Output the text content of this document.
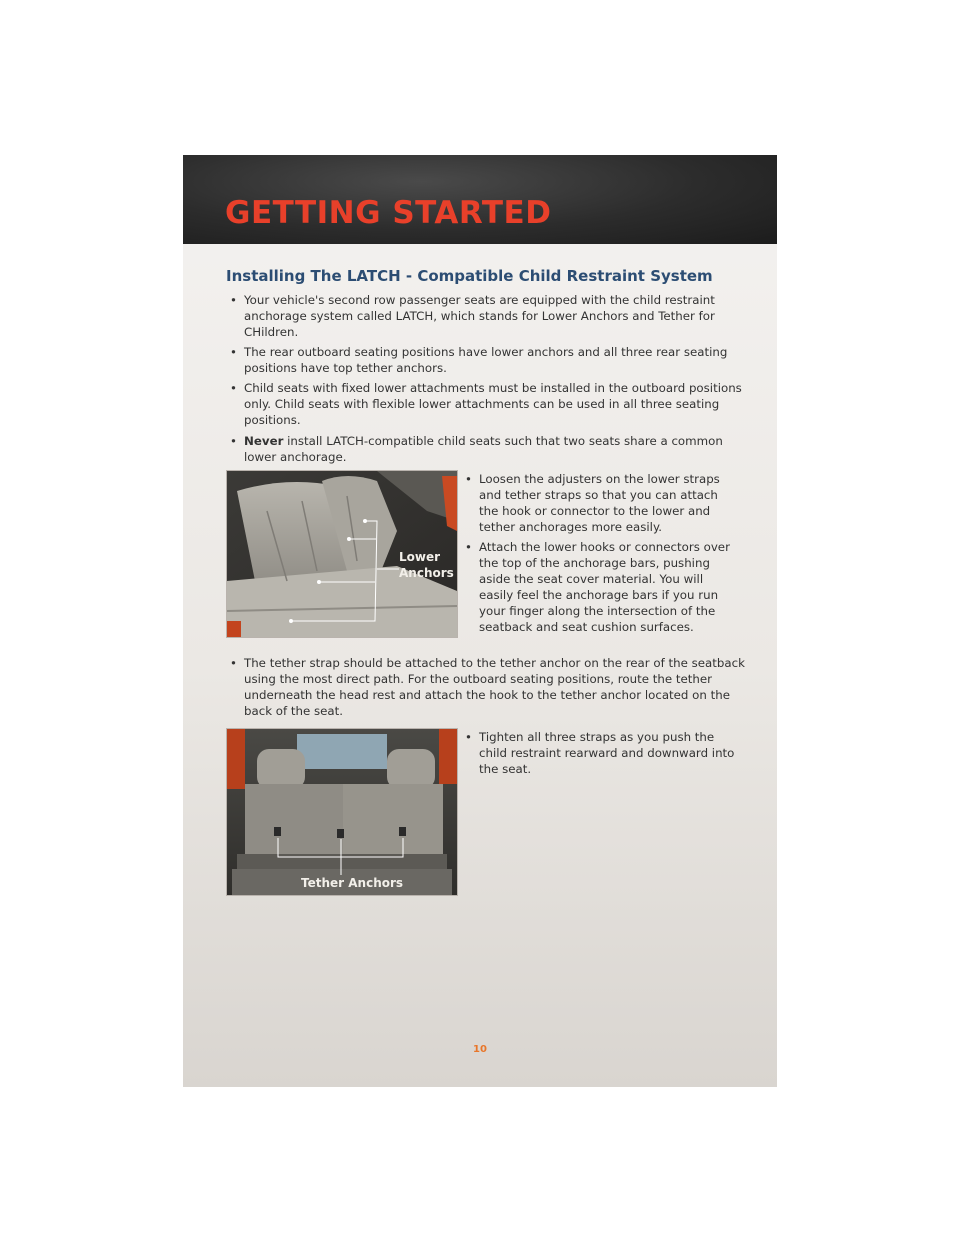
GETTING STARTED
Installing The LATCH - Compatible Child Restraint System
• Your vehicle's second row passenger seats are equipped with the child restraint anchorage system called LATCH, which stands for Lower Anchors and Tether for CHildren.
• The rear outboard seating positions have lower anchors and all three rear seating positions have top tether anchors.
• Child seats with fixed lower attachments must be installed in the outboard positions only. Child seats with flexible lower attachments can be used in all three seating positions.
• Never install LATCH-compatible child seats such that two seats share a common lower anchorage.
Lower
Anchors
• Loosen the adjusters on the lower straps and tether straps so that you can attach the hook or connector to the lower and tether anchorages more easily.
• Attach the lower hooks or connectors over the top of the anchorage bars, pushing aside the seat cover material. You will easily feel the anchorage bars if you run your finger along the intersection of the seatback and seat cushion surfaces.
• The tether strap should be attached to the tether anchor on the rear of the seatback using the most direct path. For the outboard seating positions, route the tether underneath the head rest and attach the hook to the tether anchor located on the back of the seat.
Tether Anchors
• Tighten all three straps as you push the child restraint rearward and downward into the seat.
10
